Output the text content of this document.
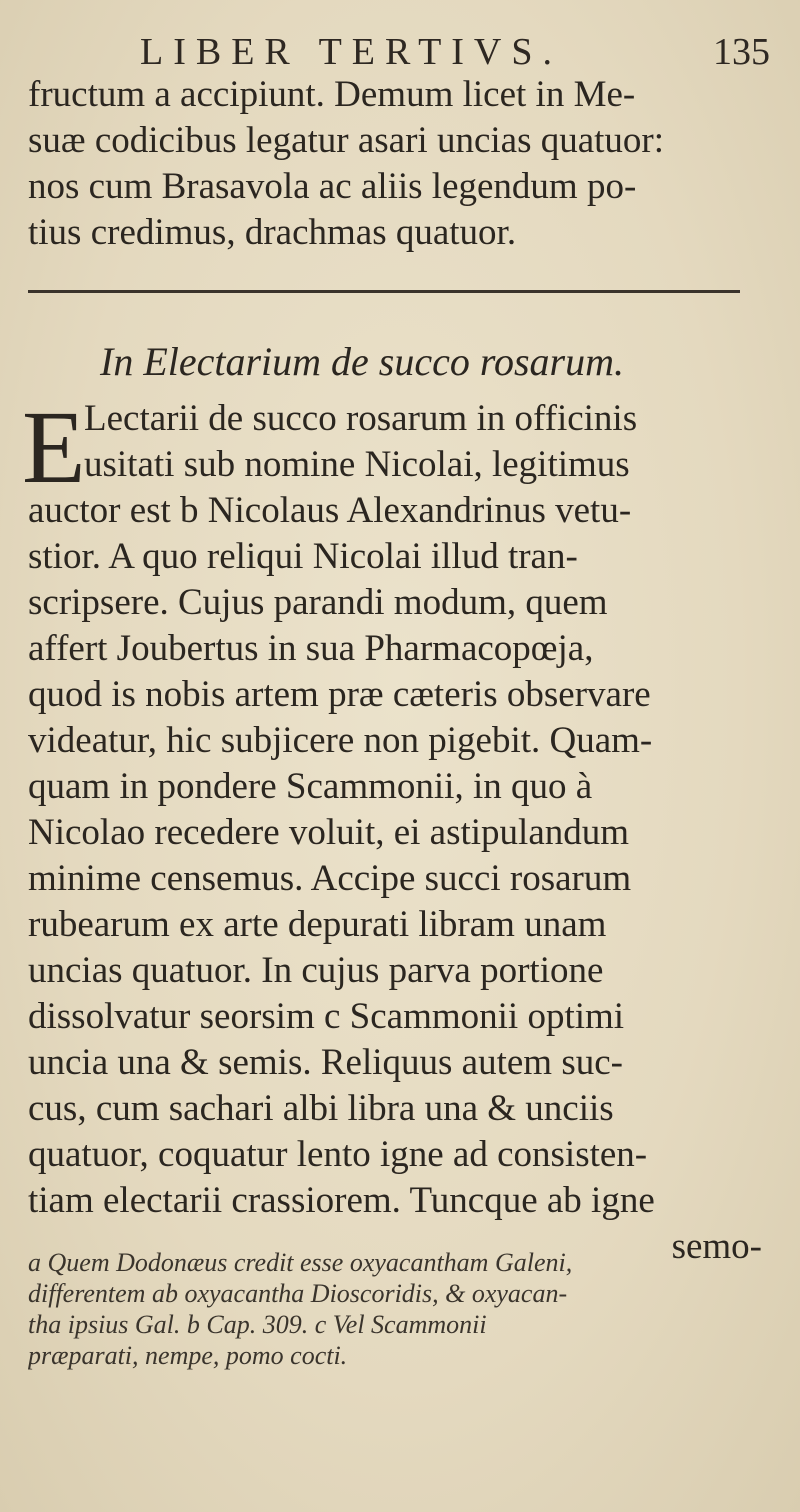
LIBER TERTIVS.	135
fructum a accipiunt. Demum licet in Me-
suæ codicibus legatur asari uncias quatuor:
nos cum Brasavola ac aliis legendum po-
tius credimus, drachmas quatuor.
In Electarium de succo rosarum.
E
Lectarii de succo rosarum in officinis
usitati sub nomine Nicolai, legitimus
auctor est b Nicolaus Alexandrinus vetu-
stior. A quo reliqui Nicolai illud tran-
scripsere. Cujus parandi modum, quem
affert Joubertus in sua Pharmacopœja,
quod is nobis artem præ cæteris observare
videatur, hic subjicere non pigebit. Quam-
quam in pondere Scammonii, in quo à
Nicolao recedere voluit, ei astipulandum
minime censemus. Accipe succi rosarum
rubearum ex arte depurati libram unam
uncias quatuor. In cujus parva portione
dissolvatur seorsim c Scammonii optimi
uncia una & semis. Reliquus autem suc-
cus, cum sachari albi libra una & unciis
quatuor, coquatur lento igne ad consisten-
tiam electarii crassiorem. Tuncque ab igne
semo-
a Quem Dodonæus credit esse oxyacantham Galeni,
differentem ab oxyacantha Dioscoridis, & oxyacan-
tha ipsius Gal. b Cap. 309. c Vel Scammonii
præparati, nempe, pomo cocti.
